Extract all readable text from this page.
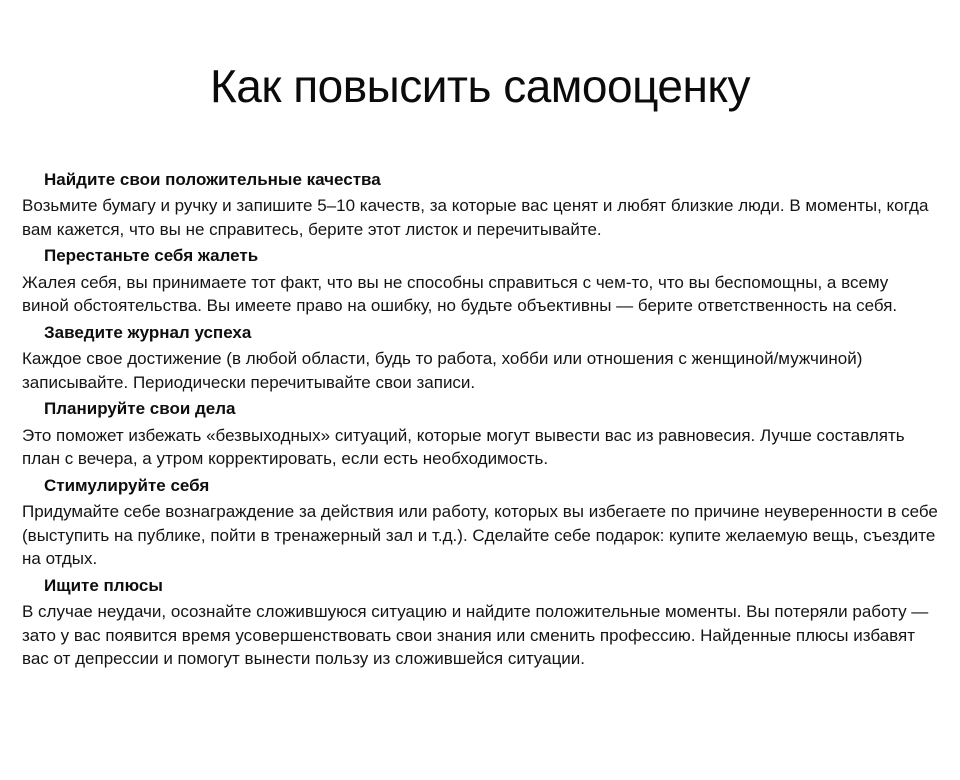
Как повысить самооценку
Найдите свои положительные качества

Возьмите бумагу и ручку и запишите 5–10 качеств, за которые вас ценят и любят близкие люди. В моменты, когда вам кажется, что вы не справитесь, берите этот листок и перечитывайте.

Перестаньте себя жалеть

Жалея себя, вы принимаете тот факт, что вы не способны справиться с чем-то, что вы беспомощны, а всему виной обстоятельства. Вы имеете право на ошибку, но будьте объективны — берите ответственность на себя.

Заведите журнал успеха

Каждое свое достижение (в любой области, будь то работа, хобби или отношения с женщиной/мужчиной) записывайте. Периодически перечитывайте свои записи.

Планируйте свои дела

Это поможет избежать «безвыходных» ситуаций, которые могут вывести вас из равновесия. Лучше составлять план с вечера, а утром корректировать, если есть необходимость.

Стимулируйте себя

Придумайте себе вознаграждение за действия или работу, которых вы избегаете по причине неуверенности в себе (выступить на публике, пойти в тренажерный зал и т.д.). Сделайте себе подарок: купите желаемую вещь, съездите на отдых.

Ищите плюсы

В случае неудачи, осознайте сложившуюся ситуацию и найдите положительные моменты. Вы потеряли работу — зато у вас появится время усовершенствовать свои знания или сменить профессию. Найденные плюсы избавят вас от депрессии и помогут вынести пользу из сложившейся ситуации.
